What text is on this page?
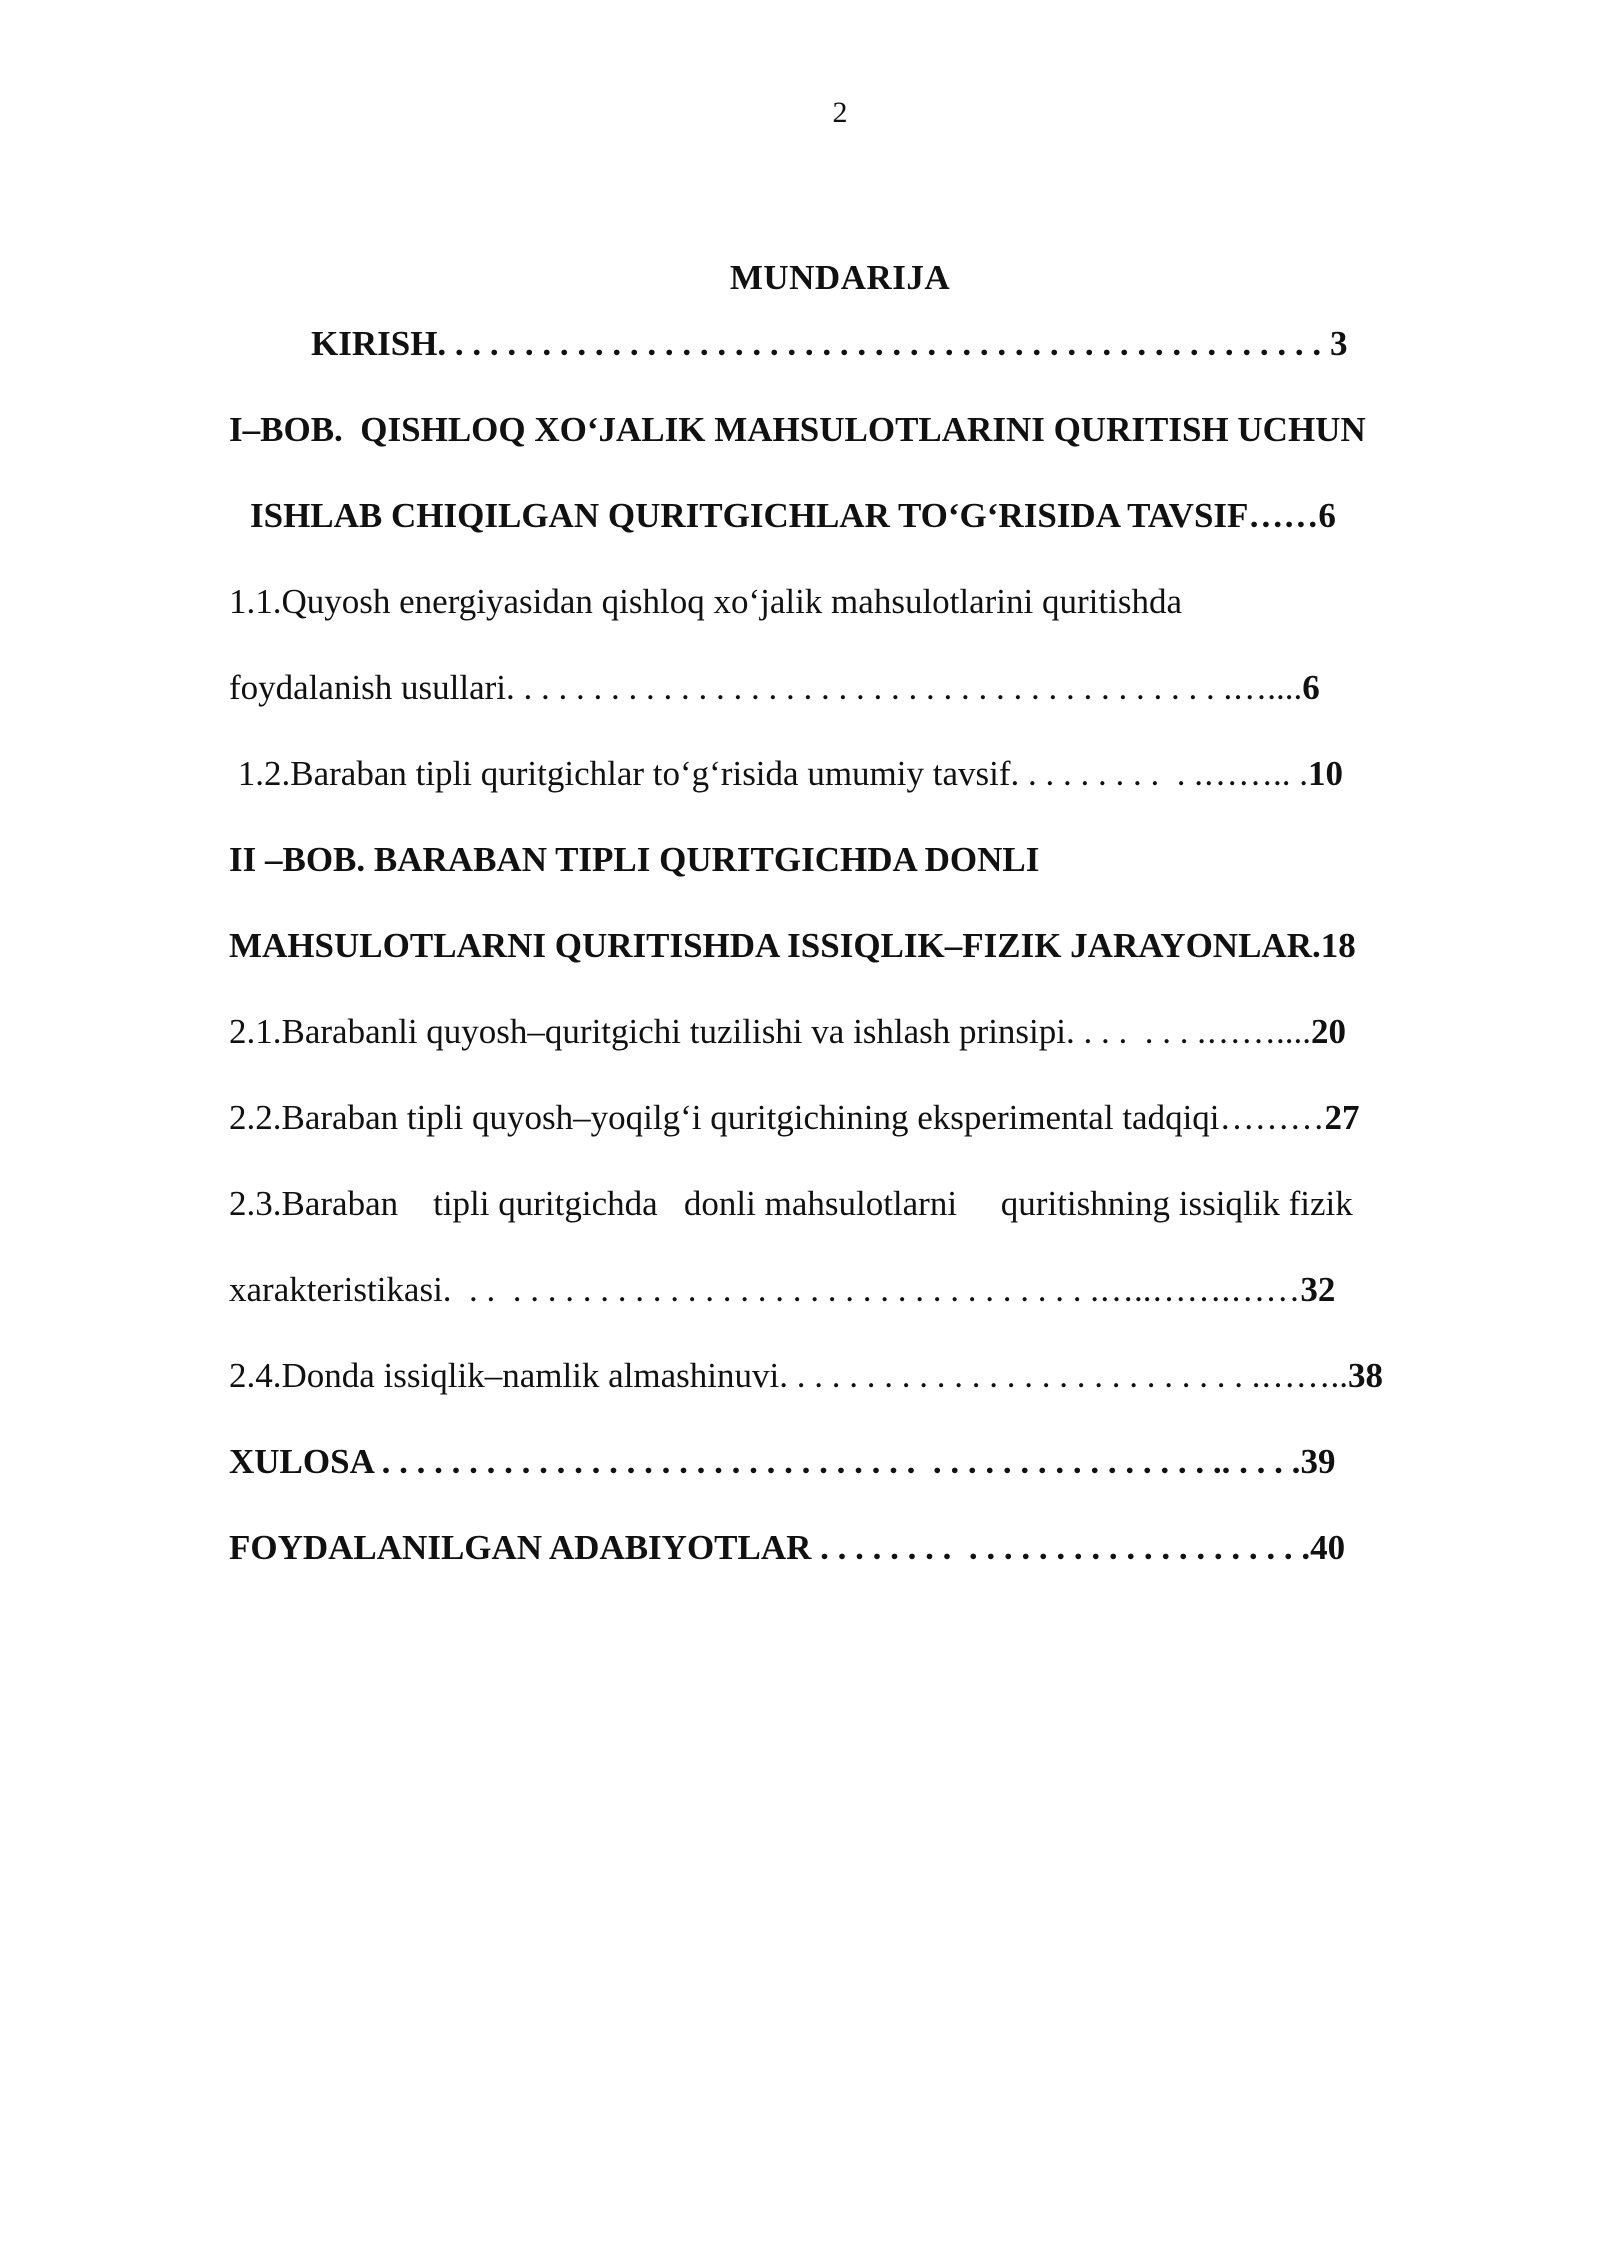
2
MUNDARIJA
KIRISH. . . . . . . . . . . . . . . . . . . . . . . . . . . . . . . . . . . . . . . . . . . . . . . . . . . 3
I–BOB.  QISHLOQ XO‘JALIK MAHSULOTLARINI QURITISH UCHUN
ISHLAB CHIQILGAN QURITGICHLAR TO‘G‘RISIDA TAVSIF……6
1.1.Quyosh energiyasidan qishloq xo‘jalik mahsulotlarini quritishda
foydalanish usullari. . . . . . . . . . . . . . . . . . . . . . . . . . . . . . . . . . . . . . . . . .…....6
1.2.Baraban tipli quritgichlar to‘g‘risida umumiy tavsif. . . . . . . . .  . .…….. .10
II –BOB. BARABAN TIPLI QURITGICHDA DONLI
MAHSULOTLARNI QURITISHDA ISSIQLIK–FIZIK JARAYONLAR.18
2.1.Barabanli quyosh–quritgichi tuzilishi va ishlash prinsipi. . . .  . . . .……....20
2.2.Baraban tipli quyosh–yoqilg‘i quritgichining eksperimental tadqiqi………27
2.3.Baraban    tipli quritgichda   donli mahsulotlarni     quritishning issiqlik fizik
xarakteristikasi.  . .  . . . . . . . . . . . . . . . . . . . . . . . . . . . . . . . . . .…..…….……32
2.4.Donda issiqlik–namlik almashinuvi. . . . . . . . . . . . . . . . . . . . . . . . . . . .……..38
XULOSA . . . . . . . . . . . . . . . . . . . . . . . . . . . . . . .  . . . . . . . . . . . . . . . . .. . . . .39
FOYDALANILGAN ADABIYOTLAR . . . . . . . .  . . . . . . . . . . . . . . . . . . . .40
